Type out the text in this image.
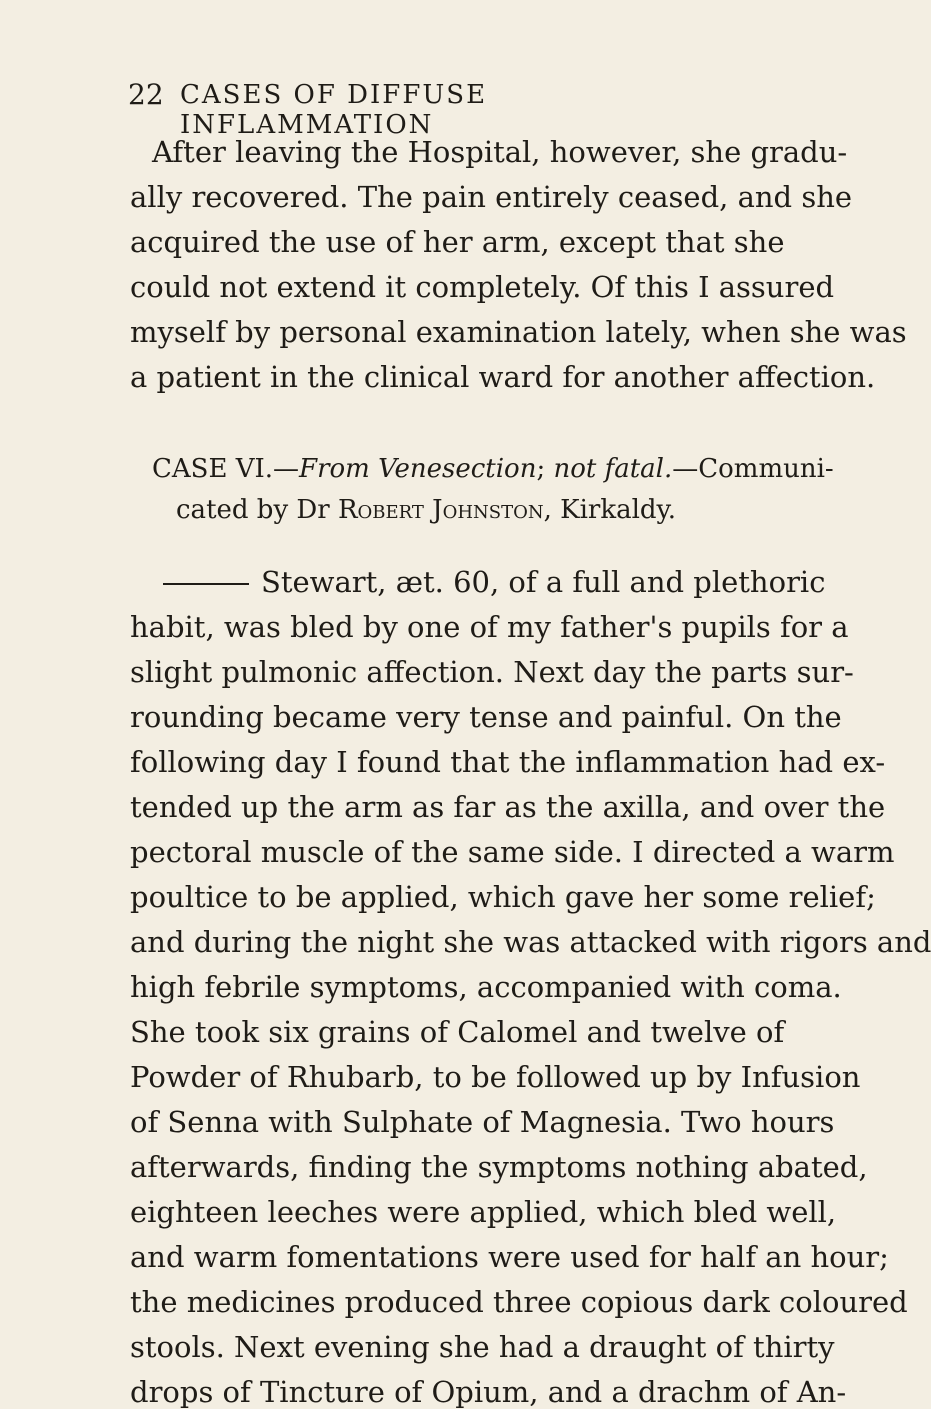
22 CASES OF DIFFUSE INFLAMMATION
After leaving the Hospital, however, she gradu-
ally recovered. The pain entirely ceased, and she
acquired the use of her arm, except that she
could not extend it completely. Of this I assured
myself by personal examination lately, when she was
a patient in the clinical ward for another affection.
CASE VI.—From Venesection; not fatal.—Communi-
cated by Dr Robert Johnston, Kirkaldy.
Stewart, æt. 60, of a full and plethoric
habit, was bled by one of my father's pupils for a
slight pulmonic affection. Next day the parts sur-
rounding became very tense and painful. On the
following day I found that the inflammation had ex-
tended up the arm as far as the axilla, and over the
pectoral muscle of the same side. I directed a warm
poultice to be applied, which gave her some relief;
and during the night she was attacked with rigors and
high febrile symptoms, accompanied with coma.
She took six grains of Calomel and twelve of
Powder of Rhubarb, to be followed up by Infusion
of Senna with Sulphate of Magnesia. Two hours
afterwards, finding the symptoms nothing abated,
eighteen leeches were applied, which bled well,
and warm fomentations were used for half an hour;
the medicines produced three copious dark coloured
stools. Next evening she had a draught of thirty
drops of Tincture of Opium, and a drachm of An-
